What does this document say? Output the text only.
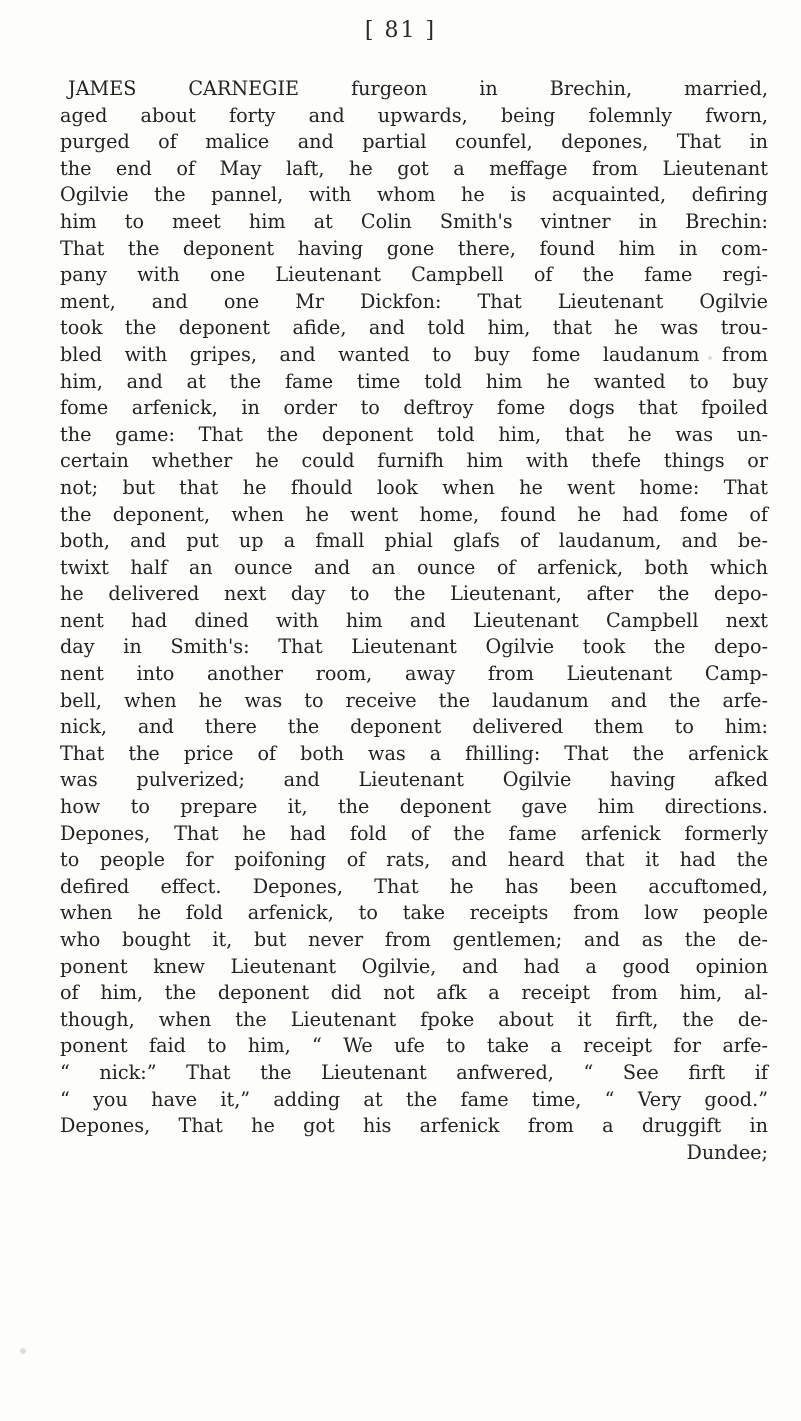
[ 81 ]
JAMES CARNEGIE furgeon in Brechin, married,
aged about forty and upwards, being folemnly fworn,
purged of malice and partial counfel, depones, That in
the end of May laft, he got a meffage from Lieutenant
Ogilvie the pannel, with whom he is acquainted, defiring
him to meet him at Colin Smith's vintner in Brechin:
That the deponent having gone there, found him in com-
pany with one Lieutenant Campbell of the fame regi-
ment, and one Mr Dickfon: That Lieutenant Ogilvie
took the deponent afide, and told him, that he was trou-
bled with gripes, and wanted to buy fome laudanum from
him, and at the fame time told him he wanted to buy
fome arfenick, in order to deftroy fome dogs that fpoiled
the game: That the deponent told him, that he was un-
certain whether he could furnifh him with thefe things or
not; but that he fhould look when he went home: That
the deponent, when he went home, found he had fome of
both, and put up a fmall phial glafs of laudanum, and be-
twixt half an ounce and an ounce of arfenick, both which
he delivered next day to the Lieutenant, after the depo-
nent had dined with him and Lieutenant Campbell next
day in Smith's: That Lieutenant Ogilvie took the depo-
nent into another room, away from Lieutenant Camp-
bell, when he was to receive the laudanum and the arfe-
nick, and there the deponent delivered them to him:
That the price of both was a fhilling: That the arfenick
was pulverized; and Lieutenant Ogilvie having afked
how to prepare it, the deponent gave him directions.
Depones, That he had fold of the fame arfenick formerly
to people for poifoning of rats, and heard that it had the
defired effect. Depones, That he has been accuftomed,
when he fold arfenick, to take receipts from low people
who bought it, but never from gentlemen; and as the de-
ponent knew Lieutenant Ogilvie, and had a good opinion
of him, the deponent did not afk a receipt from him, al-
though, when the Lieutenant fpoke about it firft, the de-
ponent faid to him, “ We ufe to take a receipt for arfe-
“ nick:” That the Lieutenant anfwered, “ See firft if
“ you have it,” adding at the fame time, “ Very good.”
Depones, That he got his arfenick from a druggift in
Dundee;
